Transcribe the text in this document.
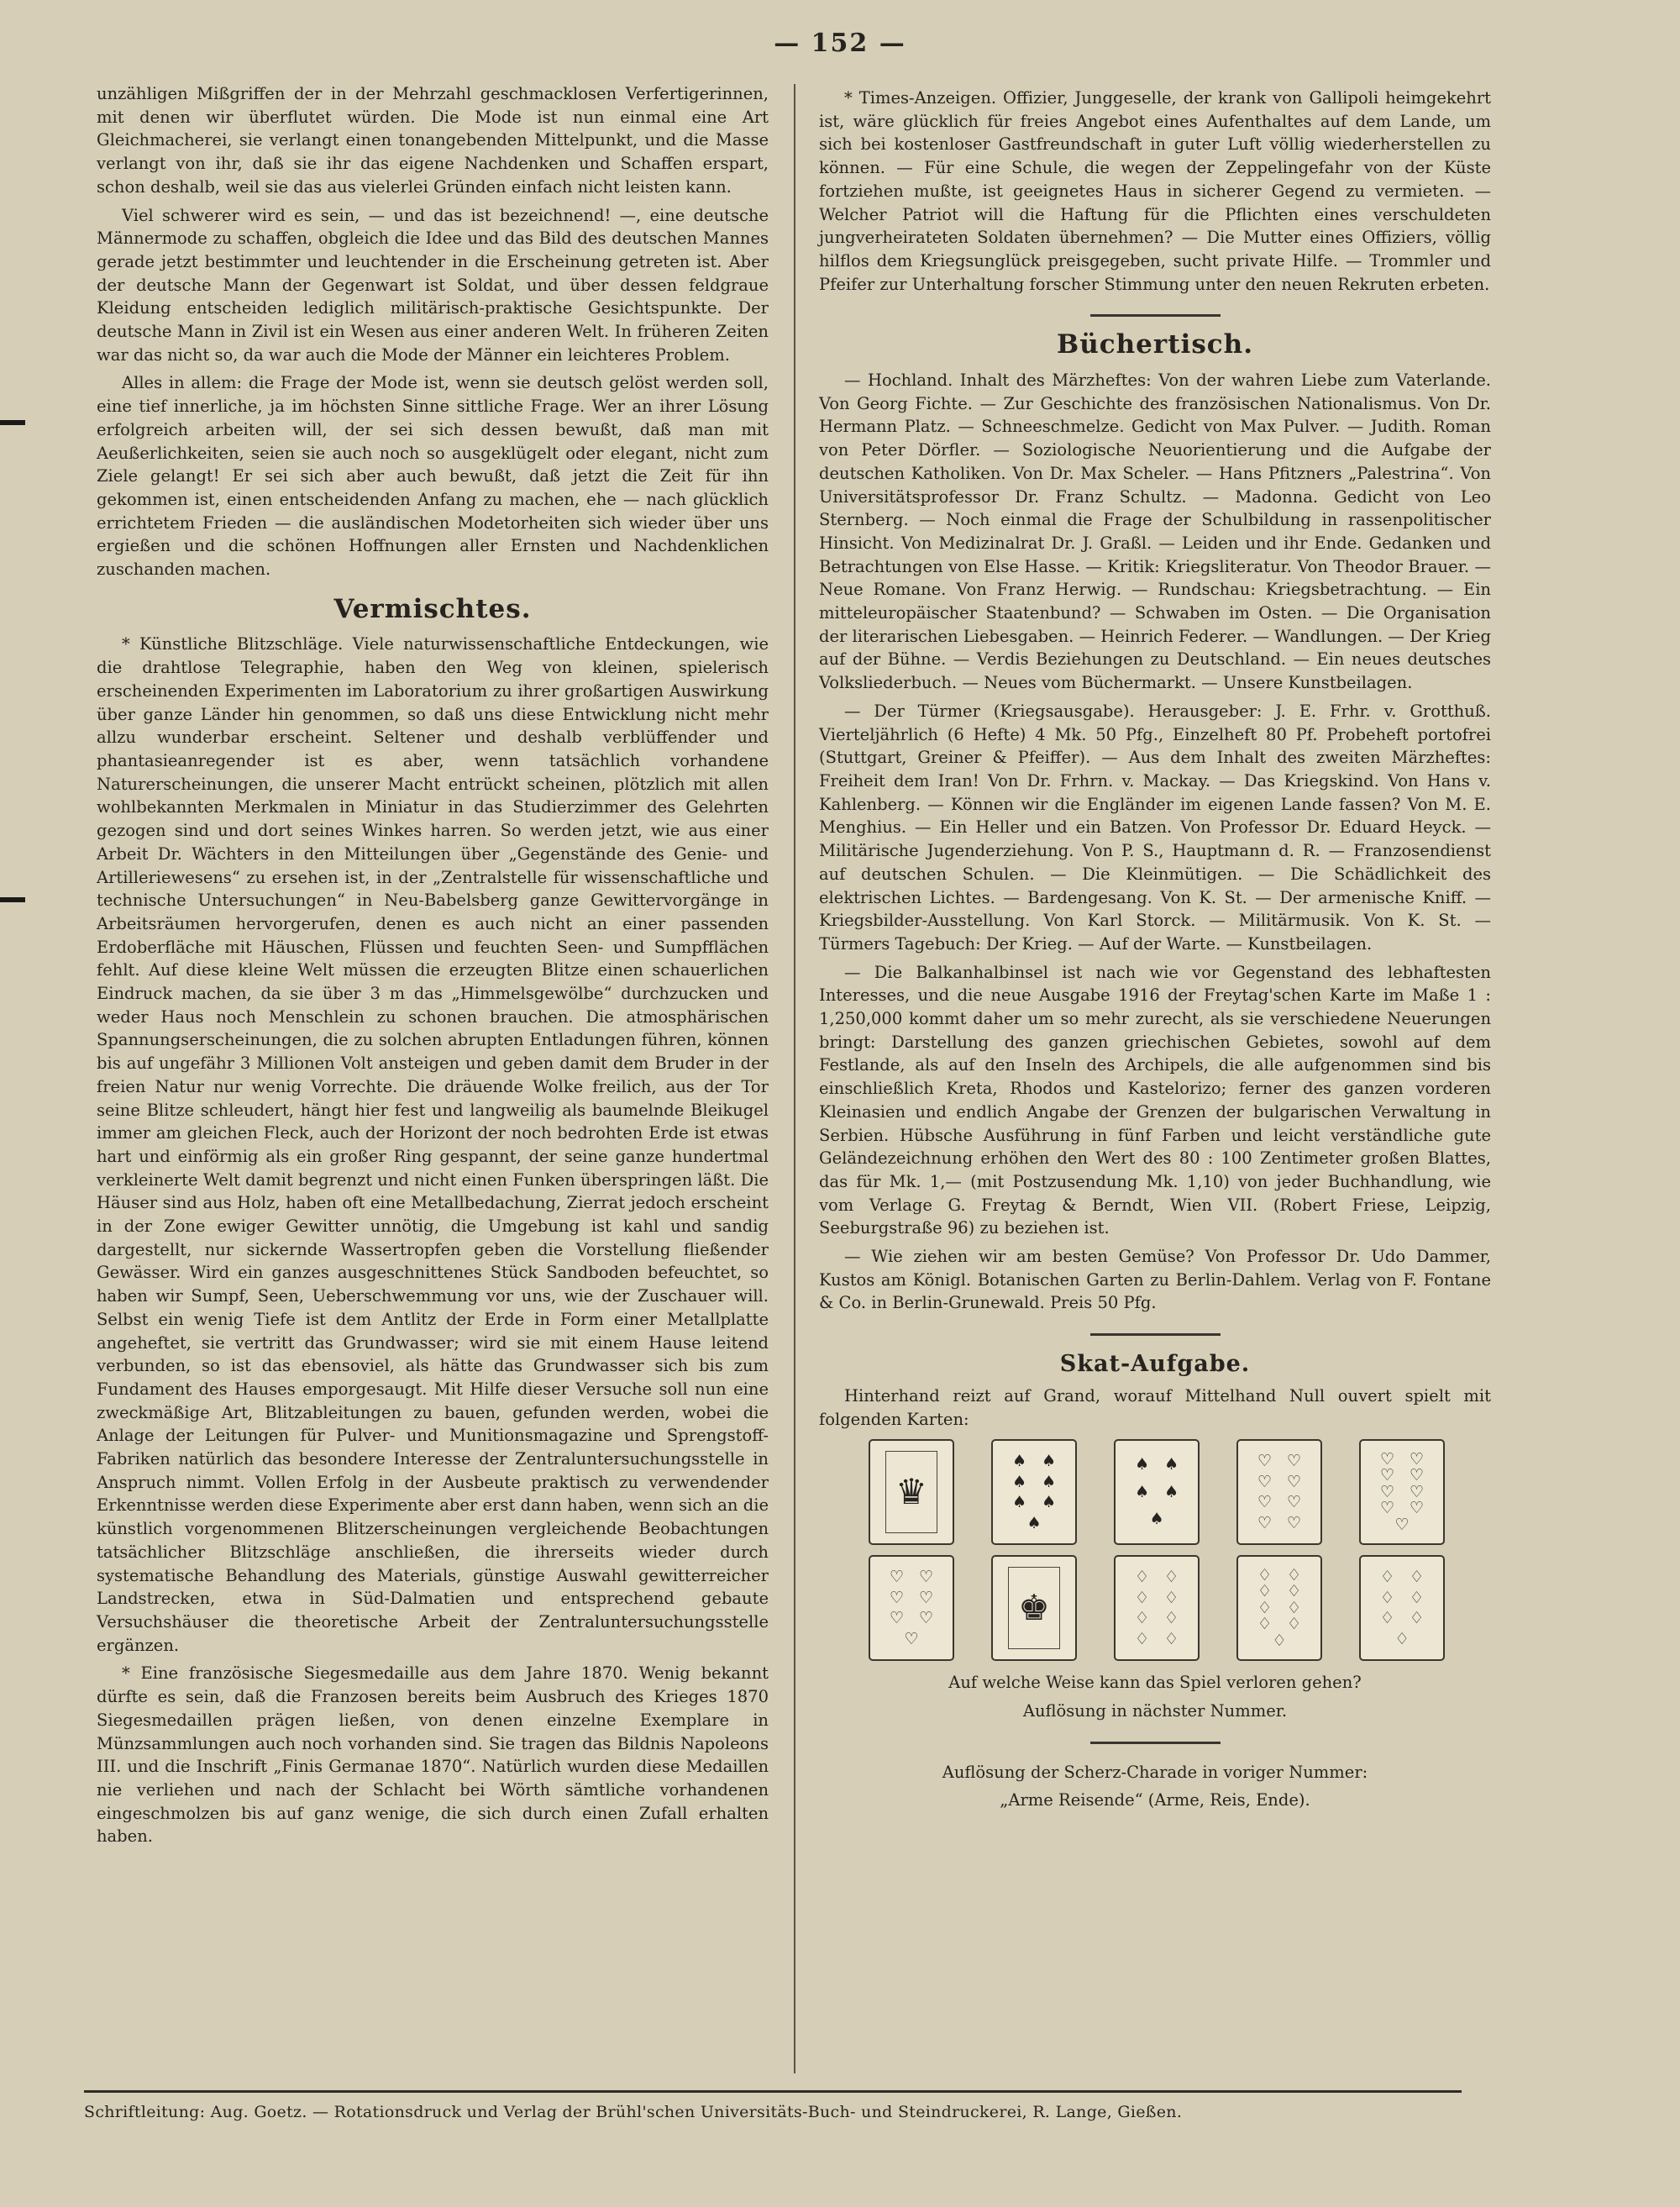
— 152 —

unzähligen Mißgriffen der in der Mehrzahl geschmacklosen Verfertigerinnen, mit denen wir überflutet würden. Die Mode ist nun einmal eine Art Gleichmacherei, sie verlangt einen tonangebenden Mittelpunkt, und die Masse verlangt von ihr, daß sie ihr das eigene Nachdenken und Schaffen erspart, schon deshalb, weil sie das aus vielerlei Gründen einfach nicht leisten kann.

Viel schwerer wird es sein, — und das ist bezeichnend! —, eine deutsche Männermode zu schaffen, obgleich die Idee und das Bild des deutschen Mannes gerade jetzt bestimmter und leuchtender in die Erscheinung getreten ist. Aber der deutsche Mann der Gegenwart ist Soldat, und über dessen feldgraue Kleidung entscheiden lediglich militärisch-praktische Gesichtspunkte. Der deutsche Mann in Zivil ist ein Wesen aus einer anderen Welt. In früheren Zeiten war das nicht so, da war auch die Mode der Männer ein leichteres Problem.

Alles in allem: die Frage der Mode ist, wenn sie deutsch gelöst werden soll, eine tief innerliche, ja im höchsten Sinne sittliche Frage. Wer an ihrer Lösung erfolgreich arbeiten will, der sei sich dessen bewußt, daß man mit Aeußerlichkeiten, seien sie auch noch so ausgeklügelt oder elegant, nicht zum Ziele gelangt! Er sei sich aber auch bewußt, daß jetzt die Zeit für ihn gekommen ist, einen entscheidenden Anfang zu machen, ehe — nach glücklich errichtetem Frieden — die ausländischen Modetorheiten sich wieder über uns ergießen und die schönen Hoffnungen aller Ernsten und Nachdenklichen zuschanden machen.

Vermischtes.

* Künstliche Blitzschläge. Viele naturwissenschaftliche Entdeckungen, wie die drahtlose Telegraphie, haben den Weg von kleinen, spielerisch erscheinenden Experimenten im Laboratorium zu ihrer großartigen Auswirkung über ganze Länder hin genommen, so daß uns diese Entwicklung nicht mehr allzu wunderbar erscheint. Seltener und deshalb verblüffender und phantasieanregender ist es aber, wenn tatsächlich vorhandene Naturerscheinungen, die unserer Macht entrückt scheinen, plötzlich mit allen wohlbekannten Merkmalen in Miniatur in das Studierzimmer des Gelehrten gezogen sind und dort seines Winkes harren. So werden jetzt, wie aus einer Arbeit Dr. Wächters in den Mitteilungen über „Gegenstände des Genie- und Artilleriewesens“ zu ersehen ist, in der „Zentralstelle für wissenschaftliche und technische Untersuchungen“ in Neu-Babelsberg ganze Gewittervorgänge in Arbeitsräumen hervorgerufen, denen es auch nicht an einer passenden Erdoberfläche mit Häuschen, Flüssen und feuchten Seen- und Sumpfflächen fehlt. Auf diese kleine Welt müssen die erzeugten Blitze einen schauerlichen Eindruck machen, da sie über 3 m das „Himmelsgewölbe“ durchzucken und weder Haus noch Menschlein zu schonen brauchen. Die atmosphärischen Spannungserscheinungen, die zu solchen abrupten Entladungen führen, können bis auf ungefähr 3 Millionen Volt ansteigen und geben damit dem Bruder in der freien Natur nur wenig Vorrechte. Die dräuende Wolke freilich, aus der Tor seine Blitze schleudert, hängt hier fest und langweilig als baumelnde Bleikugel immer am gleichen Fleck, auch der Horizont der noch bedrohten Erde ist etwas hart und einförmig als ein großer Ring gespannt, der seine ganze hundertmal verkleinerte Welt damit begrenzt und nicht einen Funken überspringen läßt. Die Häuser sind aus Holz, haben oft eine Metallbedachung, Zierrat jedoch erscheint in der Zone ewiger Gewitter unnötig, die Umgebung ist kahl und sandig dargestellt, nur sickernde Wassertropfen geben die Vorstellung fließender Gewässer. Wird ein ganzes ausgeschnittenes Stück Sandboden befeuchtet, so haben wir Sumpf, Seen, Ueberschwemmung vor uns, wie der Zuschauer will. Selbst ein wenig Tiefe ist dem Antlitz der Erde in Form einer Metallplatte angeheftet, sie vertritt das Grundwasser; wird sie mit einem Hause leitend verbunden, so ist das ebensoviel, als hätte das Grundwasser sich bis zum Fundament des Hauses emporgesaugt. Mit Hilfe dieser Versuche soll nun eine zweckmäßige Art, Blitzableitungen zu bauen, gefunden werden, wobei die Anlage der Leitungen für Pulver- und Munitionsmagazine und Sprengstoff-Fabriken natürlich das besondere Interesse der Zentraluntersuchungsstelle in Anspruch nimmt. Vollen Erfolg in der Ausbeute praktisch zu verwendender Erkenntnisse werden diese Experimente aber erst dann haben, wenn sich an die künstlich vorgenommenen Blitzerscheinungen vergleichende Beobachtungen tatsächlicher Blitzschläge anschließen, die ihrerseits wieder durch systematische Behandlung des Materials, günstige Auswahl gewitterreicher Landstrecken, etwa in Süd-Dalmatien und entsprechend gebaute Versuchshäuser die theoretische Arbeit der Zentraluntersuchungsstelle ergänzen.

* Eine französische Siegesmedaille aus dem Jahre 1870. Wenig bekannt dürfte es sein, daß die Franzosen bereits beim Ausbruch des Krieges 1870 Siegesmedaillen prägen ließen, von denen einzelne Exemplare in Münzsammlungen auch noch vorhanden sind. Sie tragen das Bildnis Napoleons III. und die Inschrift „Finis Germanae 1870“. Natürlich wurden diese Medaillen nie verliehen und nach der Schlacht bei Wörth sämtliche vorhandenen eingeschmolzen bis auf ganz wenige, die sich durch einen Zufall erhalten haben.

* Times-Anzeigen. Offizier, Junggeselle, der krank von Gallipoli heimgekehrt ist, wäre glücklich für freies Angebot eines Aufenthaltes auf dem Lande, um sich bei kostenloser Gastfreundschaft in guter Luft völlig wiederherstellen zu können. — Für eine Schule, die wegen der Zeppelingefahr von der Küste fortziehen mußte, ist geeignetes Haus in sicherer Gegend zu vermieten. — Welcher Patriot will die Haftung für die Pflichten eines verschuldeten jungverheirateten Soldaten übernehmen? — Die Mutter eines Offiziers, völlig hilflos dem Kriegsunglück preisgegeben, sucht private Hilfe. — Trommler und Pfeifer zur Unterhaltung forscher Stimmung unter den neuen Rekruten erbeten.

Büchertisch.

— Hochland. Inhalt des Märzheftes: Von der wahren Liebe zum Vaterlande. Von Georg Fichte. — Zur Geschichte des französischen Nationalismus. Von Dr. Hermann Platz. — Schneeschmelze. Gedicht von Max Pulver. — Judith. Roman von Peter Dörfler. — Soziologische Neuorientierung und die Aufgabe der deutschen Katholiken. Von Dr. Max Scheler. — Hans Pfitzners „Palestrina“. Von Universitätsprofessor Dr. Franz Schultz. — Madonna. Gedicht von Leo Sternberg. — Noch einmal die Frage der Schulbildung in rassenpolitischer Hinsicht. Von Medizinalrat Dr. J. Graßl. — Leiden und ihr Ende. Gedanken und Betrachtungen von Else Hasse. — Kritik: Kriegsliteratur. Von Theodor Brauer. — Neue Romane. Von Franz Herwig. — Rundschau: Kriegsbetrachtung. — Ein mitteleuropäischer Staatenbund? — Schwaben im Osten. — Die Organisation der literarischen Liebesgaben. — Heinrich Federer. — Wandlungen. — Der Krieg auf der Bühne. — Verdis Beziehungen zu Deutschland. — Ein neues deutsches Volksliederbuch. — Neues vom Büchermarkt. — Unsere Kunstbeilagen.

— Der Türmer (Kriegsausgabe). Herausgeber: J. E. Frhr. v. Grotthuß. Vierteljährlich (6 Hefte) 4 Mk. 50 Pfg., Einzelheft 80 Pf. Probeheft portofrei (Stuttgart, Greiner & Pfeiffer). — Aus dem Inhalt des zweiten Märzheftes: Freiheit dem Iran! Von Dr. Frhrn. v. Mackay. — Das Kriegskind. Von Hans v. Kahlenberg. — Können wir die Engländer im eigenen Lande fassen? Von M. E. Menghius. — Ein Heller und ein Batzen. Von Professor Dr. Eduard Heyck. — Militärische Jugenderziehung. Von P. S., Hauptmann d. R. — Franzosendienst auf deutschen Schulen. — Die Kleinmütigen. — Die Schädlichkeit des elektrischen Lichtes. — Bardengesang. Von K. St. — Der armenische Kniff. — Kriegsbilder-Ausstellung. Von Karl Storck. — Militärmusik. Von K. St. — Türmers Tagebuch: Der Krieg. — Auf der Warte. — Kunstbeilagen.

— Die Balkanhalbinsel ist nach wie vor Gegenstand des lebhaftesten Interesses, und die neue Ausgabe 1916 der Freytag'schen Karte im Maße 1 : 1,250,000 kommt daher um so mehr zurecht, als sie verschiedene Neuerungen bringt: Darstellung des ganzen griechischen Gebietes, sowohl auf dem Festlande, als auf den Inseln des Archipels, die alle aufgenommen sind bis einschließlich Kreta, Rhodos und Kastelorizo; ferner des ganzen vorderen Kleinasien und endlich Angabe der Grenzen der bulgarischen Verwaltung in Serbien. Hübsche Ausführung in fünf Farben und leicht verständliche gute Geländezeichnung erhöhen den Wert des 80 : 100 Zentimeter großen Blattes, das für Mk. 1,— (mit Postzusendung Mk. 1,10) von jeder Buchhandlung, wie vom Verlage G. Freytag & Berndt, Wien VII. (Robert Friese, Leipzig, Seeburgstraße 96) zu beziehen ist.

— Wie ziehen wir am besten Gemüse? Von Professor Dr. Udo Dammer, Kustos am Königl. Botanischen Garten zu Berlin-Dahlem. Verlag von F. Fontane & Co. in Berlin-Grunewald. Preis 50 Pfg.

Skat-Aufgabe.

Hinterhand reizt auf Grand, worauf Mittelhand Null ouvert spielt mit folgenden Karten:

♛
♠ ♠
♠ ♠
♠ ♠
♠
♠ ♠
♠ ♠
♠
♡ ♡
♡ ♡
♡ ♡
♡ ♡
♡ ♡
♡ ♡
♡ ♡
♡ ♡
♡
♡ ♡
♡ ♡
♡ ♡
♡
♚
♢ ♢
♢ ♢
♢ ♢
♢ ♢
♢ ♢
♢ ♢
♢ ♢
♢ ♢
♢
♢ ♢
♢ ♢
♢ ♢
♢

Auf welche Weise kann das Spiel verloren gehen?

Auflösung in nächster Nummer.

Auflösung der Scherz-Charade in voriger Nummer:

„Arme Reisende“ (Arme, Reis, Ende).

Schriftleitung: Aug. Goetz. — Rotationsdruck und Verlag der Brühl'schen Universitäts-Buch- und Steindruckerei, R. Lange, Gießen.
